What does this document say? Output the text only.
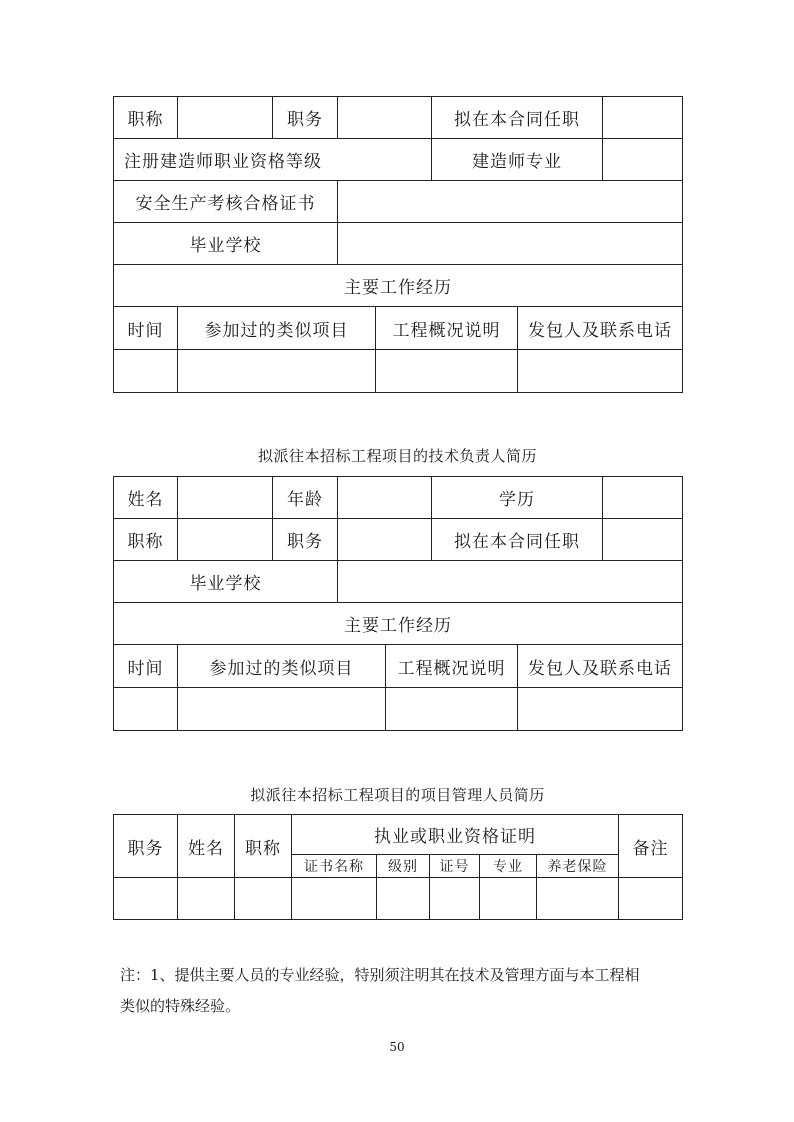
职称		职务		拟在本合同任职	
注册建造师职业资格等级				建造师专业	
安全生产考核合格证书					
毕业学校					
主要工作经历					
时间	参加过的类似项目	工程概况说明	发包人及联系电话

拟派往本招标工程项目的技术负责人简历
姓名		年龄		学历	
职称		职务		拟在本合同任职	
毕业学校					
主要工作经历					
时间	参加过的类似项目	工程概况说明	发包人及联系电话

拟派往本招标工程项目的项目管理人员简历
职务	姓名	职称	执业或职业资格证明					备注
			证书名称	级别	证号	专业	养老保险	

注：1、提供主要人员的专业经验，特别须注明其在技术及管理方面与本工程相
类似的特殊经验。
50
